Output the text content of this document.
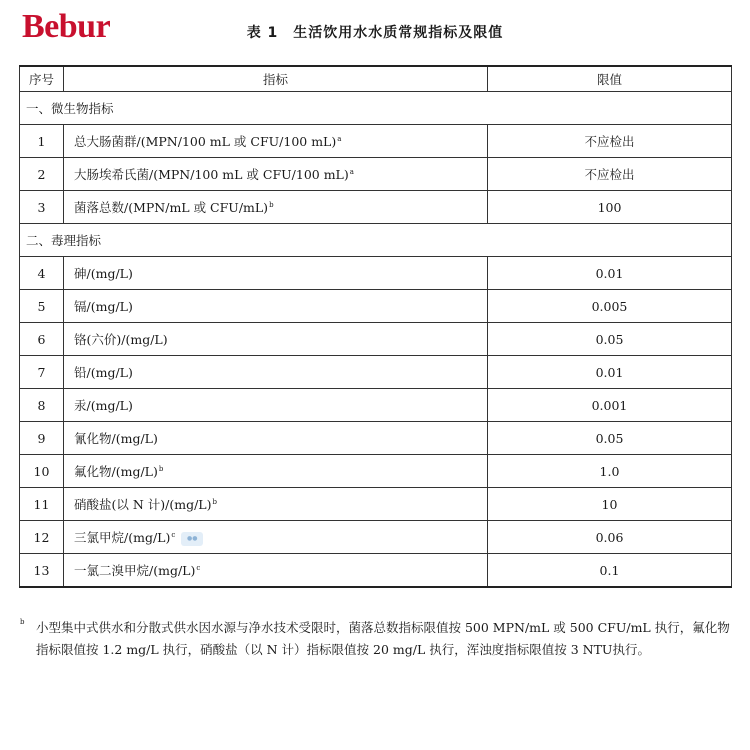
Bebur	表 1　生活饮用水水质常规指标及限值
序号	指标	限值
一、微生物指标		
1	总大肠菌群/(MPN/100 mL 或 CFU/100 mL)$^a$	不应检出
2	大肠埃希氏菌/(MPN/100 mL 或 CFU/100 mL)$^a$	不应检出
3	菌落总数/(MPN/mL 或 CFU/mL)$^b$	100
二、毒理指标		
4	砷/(mg/L)	0.01
5	镉/(mg/L)	0.005
6	铬(六价)/(mg/L)	0.05
7	铅/(mg/L)	0.01
8	汞/(mg/L)	0.001
9	氰化物/(mg/L)	0.05
10	氟化物$/(mg/L)^b$	1.0
11	硝酸盐(以 N 计)$/(mg/L)^b$	10
12	三氯甲烷$/(mg/L)^c$ ●●	0.06
13	一氯二溴甲烷$/(mg/L)^c$	0.1
b 小型集中式供水和分散式供水因水源与净水技术受限时，菌落总数指标限值按 500 MPN/mL 或 500 CFU/mL 执行，氟化物指标限值按 1.2 mg/L 执行，硝酸盐（以 N 计）指标限值按 20 mg/L 执行，浑浊度指标限值按 3 NTU执行。
